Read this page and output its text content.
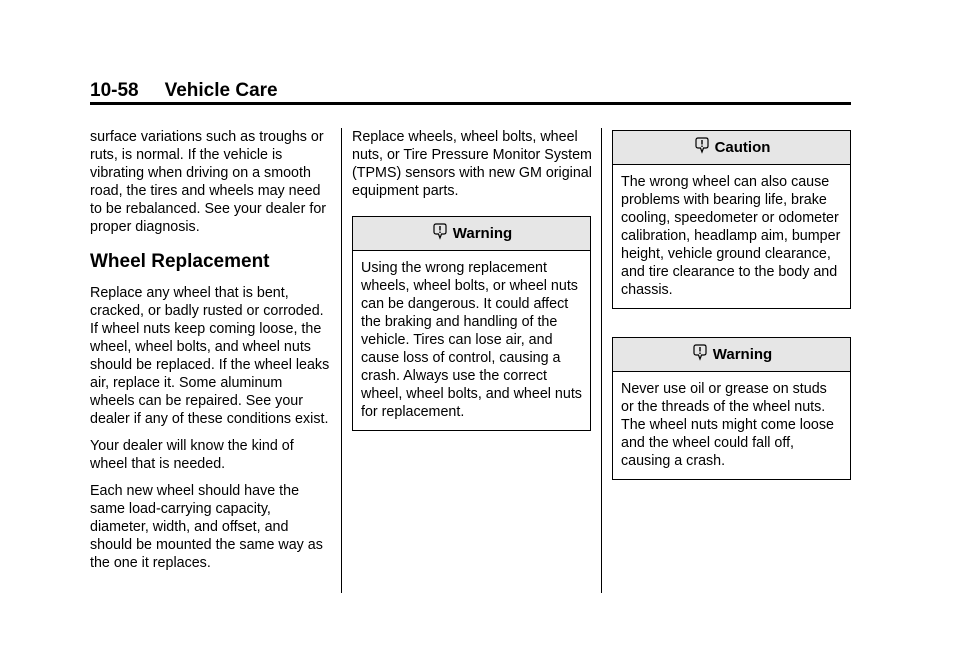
10-58 Vehicle Care

surface variations such as troughs or ruts, is normal. If the vehicle is vibrating when driving on a smooth road, the tires and wheels may need to be rebalanced. See your dealer for proper diagnosis.

Wheel Replacement

Replace any wheel that is bent, cracked, or badly rusted or corroded. If wheel nuts keep coming loose, the wheel, wheel bolts, and wheel nuts should be replaced. If the wheel leaks air, replace it. Some aluminum wheels can be repaired. See your dealer if any of these conditions exist.

Your dealer will know the kind of wheel that is needed.

Each new wheel should have the same load-carrying capacity, diameter, width, and offset, and should be mounted the same way as the one it replaces.

Replace wheels, wheel bolts, wheel nuts, or Tire Pressure Monitor System (TPMS) sensors with new GM original equipment parts.

Warning
Using the wrong replacement wheels, wheel bolts, or wheel nuts can be dangerous. It could affect the braking and handling of the vehicle. Tires can lose air, and cause loss of control, causing a crash. Always use the correct wheel, wheel bolts, and wheel nuts for replacement.
Caution
The wrong wheel can also cause problems with bearing life, brake cooling, speedometer or odometer calibration, headlamp aim, bumper height, vehicle ground clearance, and tire clearance to the body and chassis.
Warning
Never use oil or grease on studs or the threads of the wheel nuts. The wheel nuts might come loose and the wheel could fall off, causing a crash.
